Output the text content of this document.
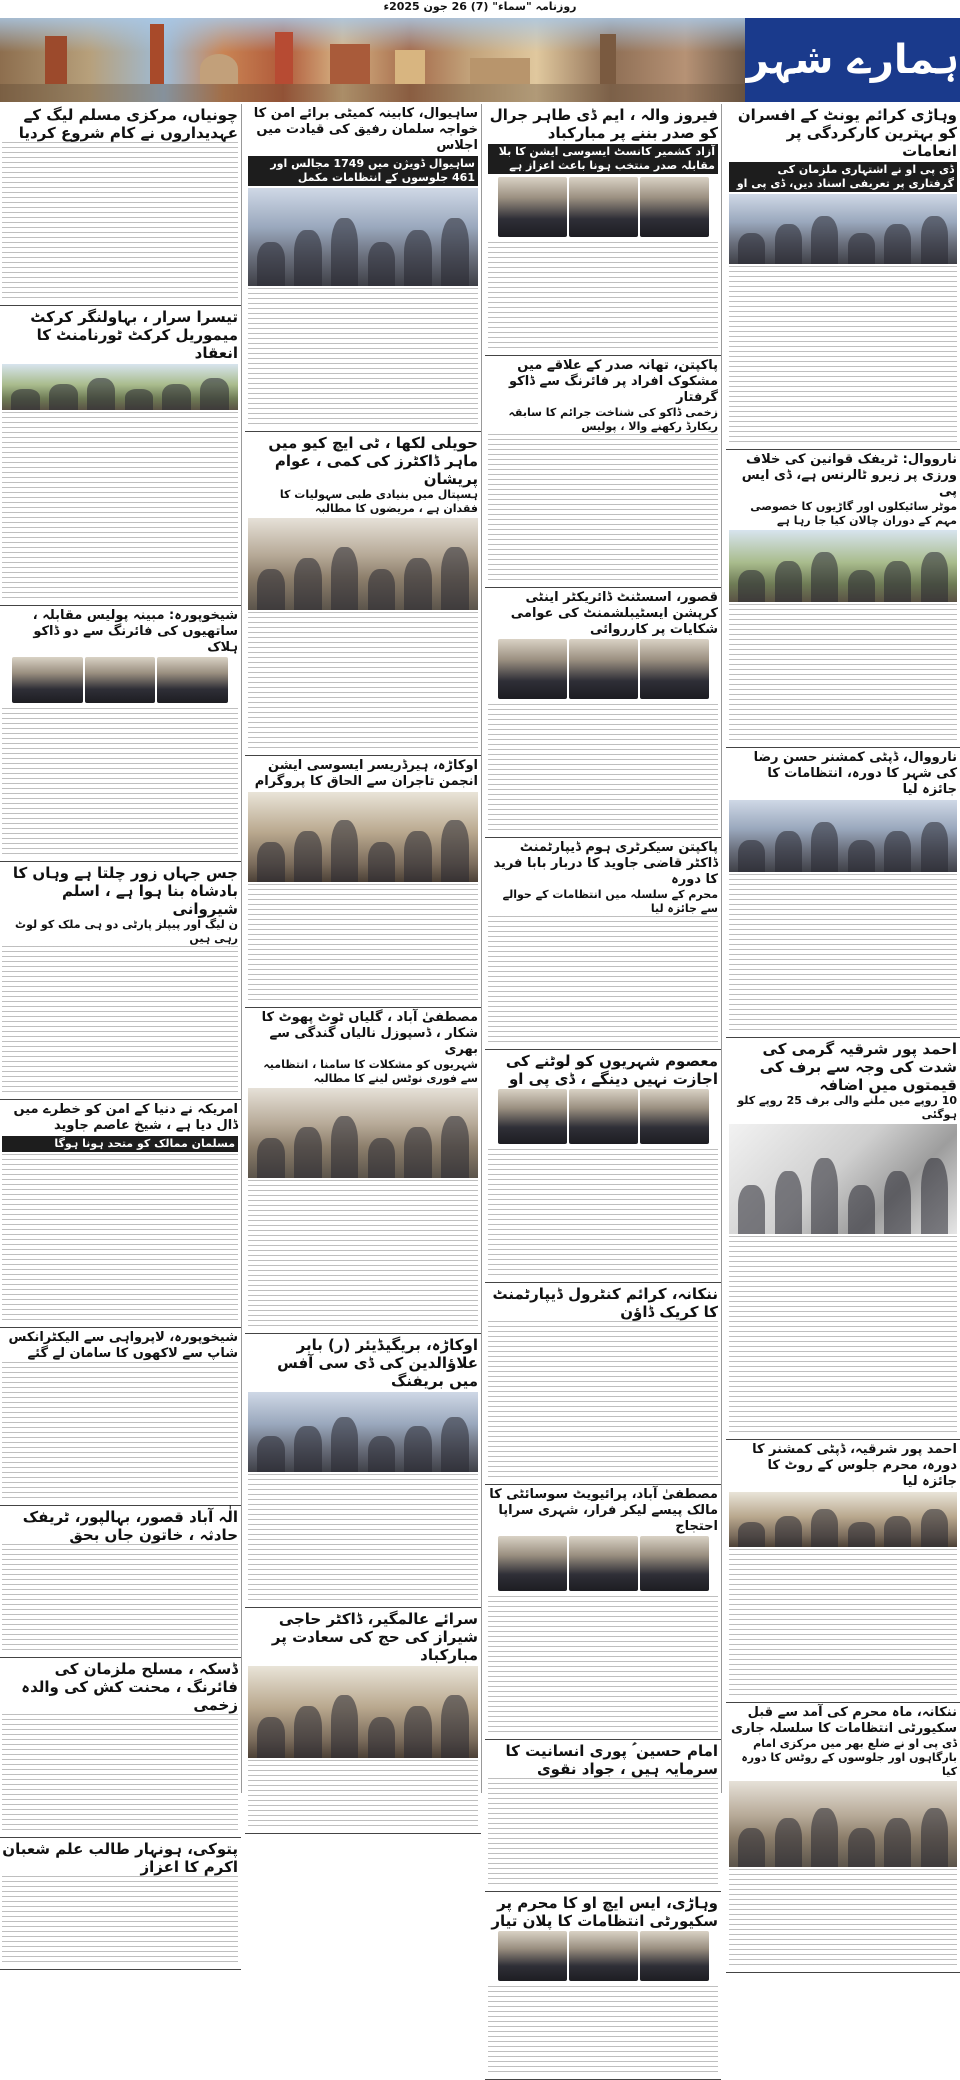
روزنامہ "سماء" (7) 26 جون 2025ء
ہمارے شہر
وہاڑی کرائم یونٹ کے افسران کو بہترین کارکردگی پر انعامات
ڈی پی او نے اشتہاری ملزمان کی گرفتاری پر تعریفی اسناد دیں، ڈی پی او
نارووال: ٹریفک قوانین کی خلاف ورزی پر زیرو ٹالرنس ہے، ڈی ایس پی
موٹر سائیکلوں اور گاڑیوں کا خصوصی مہم کے دوران چالان کیا جا رہا ہے
نارووال، ڈپٹی کمشنر حسن رضا کی شہر کا دورہ، انتظامات کا جائزہ لیا
احمد پور شرقیہ گرمی کی شدت کی وجہ سے برف کی قیمتوں میں اضافہ
10 روپے میں ملنے والی برف 25 روپے کلو ہوگئی
احمد پور شرقیہ، ڈپٹی کمشنر کا دورہ، محرم جلوس کے روٹ کا جائزہ لیا
ننکانہ، ماہ محرم کی آمد سے قبل سکیورٹی انتظامات کا سلسلہ جاری
ڈی پی او نے ضلع بھر میں مرکزی امام بارگاہوں اور جلوسوں کے روٹس کا دورہ کیا
فیروز والہ ، ایم ڈی طاہر جرال کو صدر بننے پر مبارکباد
آزاد کشمیر کانسٹ ایسوسی ایشن کا بلا مقابلہ صدر منتخب ہونا باعث اعزاز ہے
پاکپتن، تھانہ صدر کے علاقے میں مشکوک افراد پر فائرنگ سے ڈاکو گرفتار
زخمی ڈاکو کی شناخت جرائم کا سابقہ ریکارڈ رکھنے والا ، پولیس
قصور، اسسٹنٹ ڈائریکٹر اینٹی کرپشن ایسٹیبلشمنٹ کی عوامی شکایات پر کارروائی
پاکپتن سیکرٹری ہوم ڈیپارٹمنٹ ڈاکٹر قاضی جاوید کا دربار بابا فرید کا دورہ
محرم کے سلسلہ میں انتظامات کے حوالے سے جائزہ لیا
معصوم شہریوں کو لوٹنے کی اجازت نہیں دینگے ، ڈی پی او
ننکانہ، کرائم کنٹرول ڈیپارٹمنٹ کا کریک ڈاؤن
مصطفیٰ آباد، پرائیویٹ سوسائٹی کا مالک پیسے لیکر فرار، شہری سراپا احتجاج
امام حسین ؑ پوری انسانیت کا سرمایہ ہیں ، جواد نقوی
وہاڑی، ایس ایچ او کا محرم پر سکیورٹی انتظامات کا پلان تیار
ساہیوال، کابینہ کمیٹی برائے امن کا خواجہ سلمان رفیق کی قیادت میں اجلاس
ساہیوال ڈویژن میں 1749 مجالس اور 461 جلوسوں کے انتظامات مکمل
حویلی لکھا ، ٹی ایچ کیو میں ماہر ڈاکٹرز کی کمی ، عوام پریشان
ہسپتال میں بنیادی طبی سہولیات کا فقدان ہے ، مریضوں کا مطالبہ
اوکاڑہ، ہیرڈریسر ایسوسی ایشن انجمن تاجران سے الحاق کا پروگرام
مصطفیٰ آباد ، گلیاں ٹوٹ پھوٹ کا شکار ، ڈسپوزل نالیاں گندگی سے بھری
شہریوں کو مشکلات کا سامنا ، انتظامیہ سے فوری نوٹس لینے کا مطالبہ
اوکاڑہ، بریگیڈیئر (ر) بابر علاؤالدین کی ڈی سی آفس میں بریفنگ
سرائے عالمگیر، ڈاکٹر حاجی شیراز کی حج کی سعادت پر مبارکباد
چونیاں، مرکزی مسلم لیگ کے عہدیداروں نے کام شروع کردیا
تیسرا سرار ، بہاولنگر کرکٹ میموریل کرکٹ ٹورنامنٹ کا انعقاد
شیخوپورہ: مبینہ پولیس مقابلہ ، ساتھیوں کی فائرنگ سے دو ڈاکو ہلاک
جس جہاں زور چلتا ہے وہاں کا بادشاہ بنا ہوا ہے ، اسلم شیروانی
ن لیگ اور پیپلز پارٹی دو ہی ملک کو لوٹ رہی ہیں
امریکہ نے دنیا کے امن کو خطرے میں ڈال دیا ہے ، شیخ عاصم جاوید
مسلمان ممالک کو متحد ہونا ہوگا
شیخوپورہ، لاپرواہی سے الیکٹرانکس شاپ سے لاکھوں کا سامان لے گئے
الٰہ آباد قصور، بہالپور، ٹریفک حادثہ ، خاتون جاں بحق
ڈسکہ ، مسلح ملزمان کی فائرنگ ، محنت کش کی والدہ زخمی
پتوکی، ہونہار طالب علم شعبان اکرم کا اعزاز
